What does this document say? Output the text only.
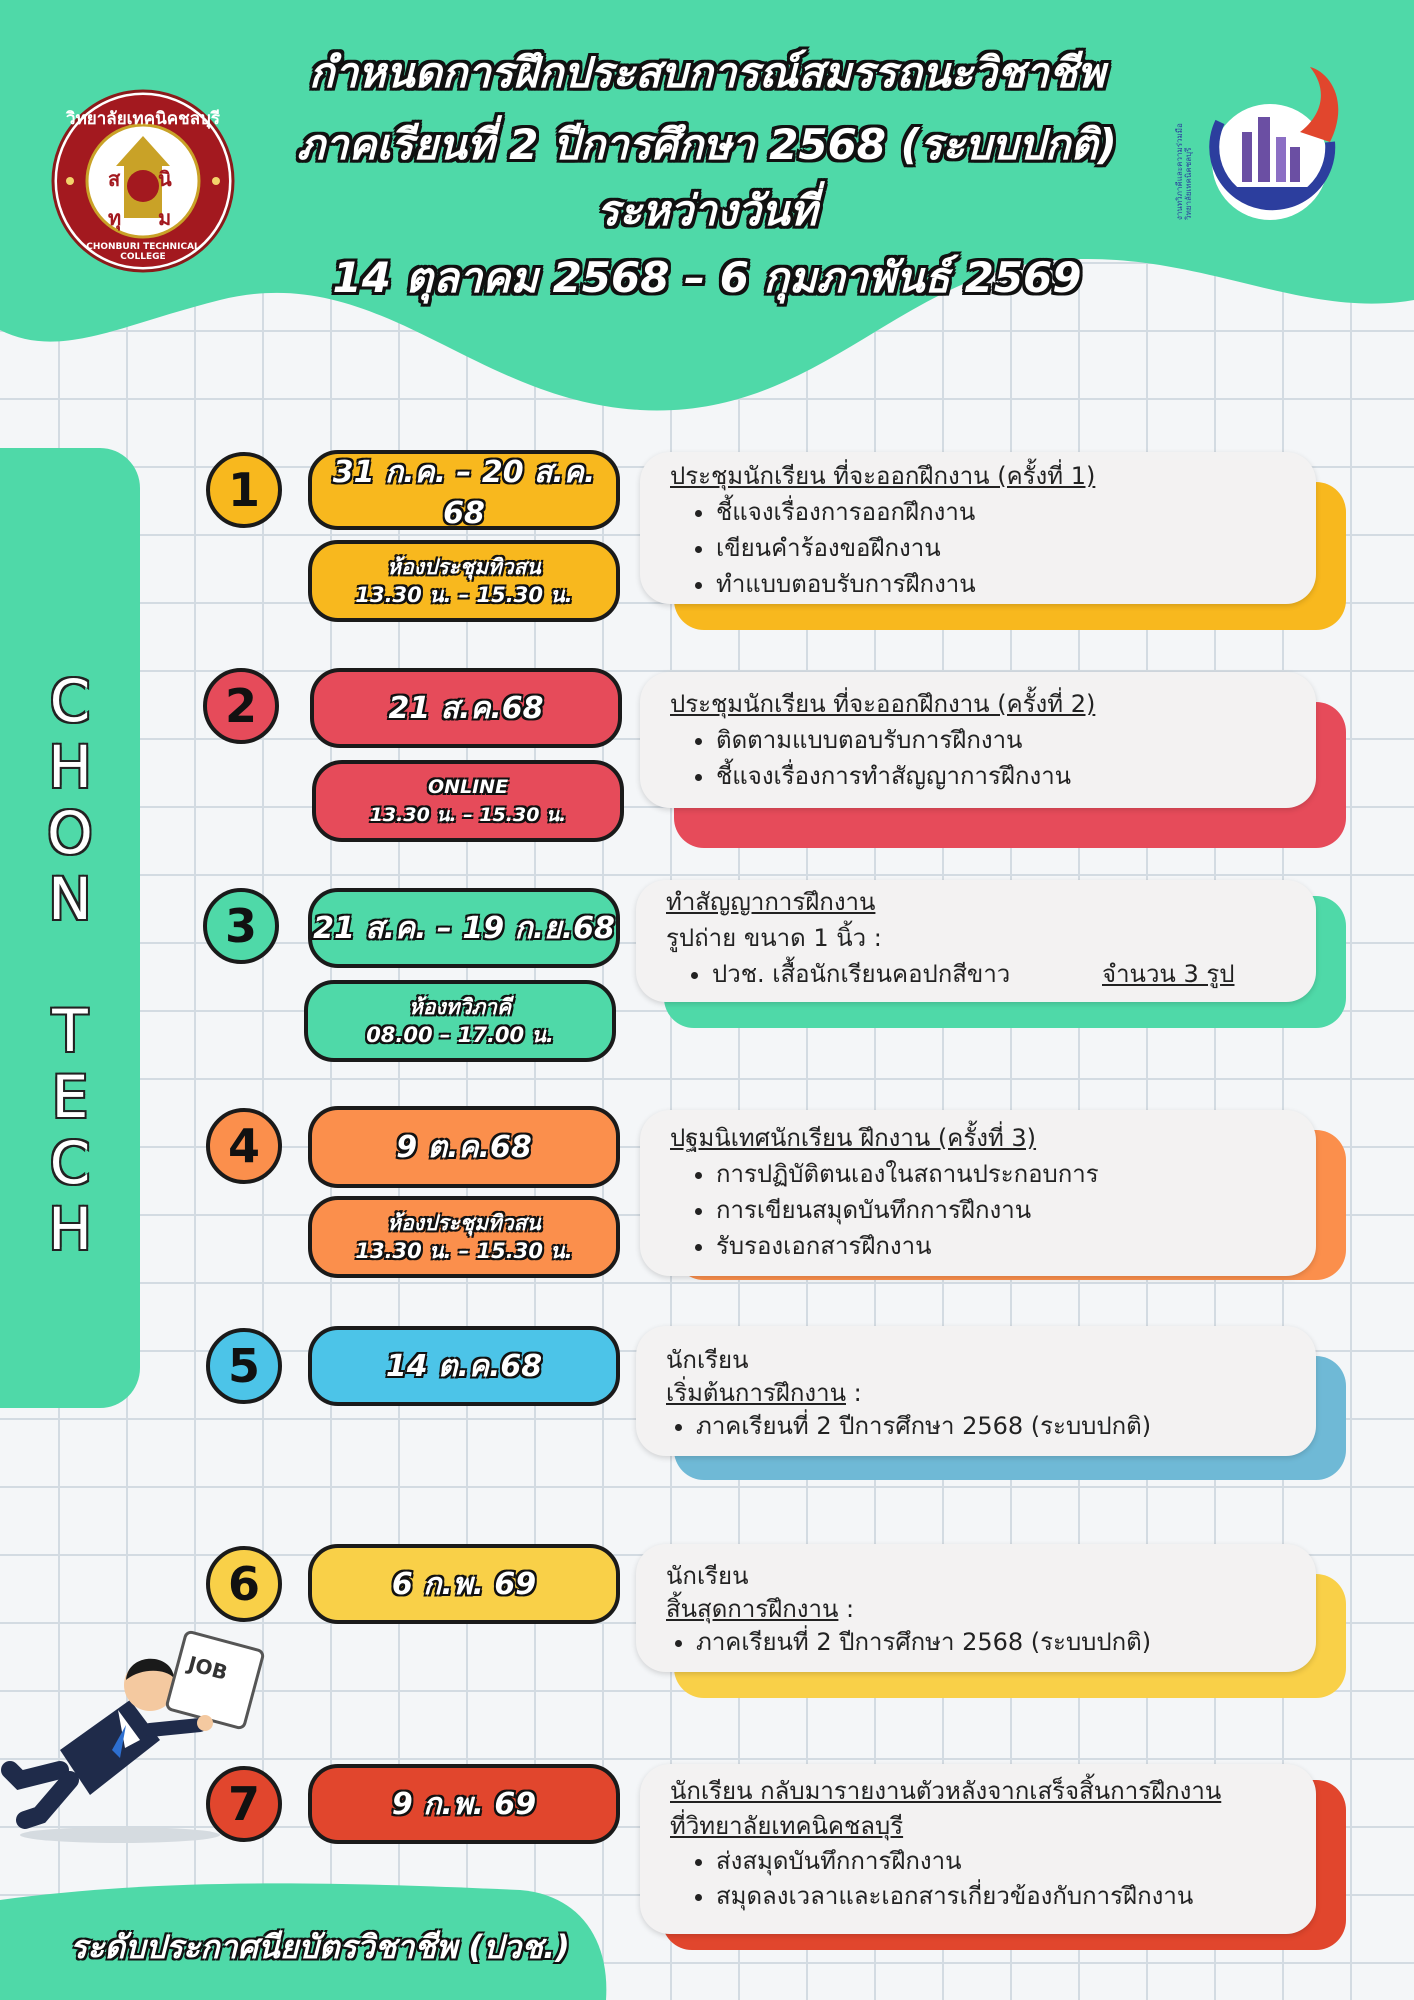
วิทยาลัยเทคนิคชลบุรี
CHONBURI TECHNICAL COLLEGE
ส นิ
ทุ ม	งานทวิภาคีและความร่วมมือ วิทยาลัยเทคนิคชลบุรี
กำหนดการฝึกประสบการณ์สมรรถนะวิชาชีพ
ภาคเรียนที่ 2 ปีการศึกษา 2568 (ระบบปกติ)
ระหว่างวันที่
14 ตุลาคม 2568 – 6 กุมภาพันธ์ 2569
C
H
O
N

T
E
C
H
1	31 ก.ค. – 20 ส.ค. 68
ห้องประชุมทิวสน
13.30 น. – 15.30 น.
ประชุมนักเรียน ที่จะออกฝึกงาน (ครั้งที่ 1)
• ชี้แจงเรื่องการออกฝึกงาน
• เขียนคำร้องขอฝึกงาน
• ทำแบบตอบรับการฝึกงาน
2	21 ส.ค.68
ONLINE
13.30 น. – 15.30 น.
ประชุมนักเรียน ที่จะออกฝึกงาน (ครั้งที่ 2)
• ติดตามแบบตอบรับการฝึกงาน
• ชี้แจงเรื่องการทำสัญญาการฝึกงาน
3	21 ส.ค. – 19 ก.ย.68
ห้องทวิภาคี
08.00 – 17.00 น.
ทำสัญญาการฝึกงาน
รูปถ่าย ขนาด 1 นิ้ว :
• ปวช. เสื้อนักเรียนคอปกสีขาว	จำนวน 3 รูป
4	9 ต.ค.68
ห้องประชุมทิวสน
13.30 น. – 15.30 น.
ปฐมนิเทศนักเรียน ฝึกงาน (ครั้งที่ 3)
• การปฏิบัติตนเองในสถานประกอบการ
• การเขียนสมุดบันทึกการฝึกงาน
• รับรองเอกสารฝึกงาน
5	14 ต.ค.68	นักเรียน
เริ่มต้นการฝึกงาน :
• ภาคเรียนที่ 2 ปีการศึกษา 2568 (ระบบปกติ)
6	6 ก.พ. 69	นักเรียน
สิ้นสุดการฝึกงาน :
• ภาคเรียนที่ 2 ปีการศึกษา 2568 (ระบบปกติ)
7	9 ก.พ. 69	นักเรียน กลับมารายงานตัวหลังจากเสร็จสิ้นการฝึกงาน
ที่วิทยาลัยเทคนิคชลบุรี
• ส่งสมุดบันทึกการฝึกงาน
• สมุดลงเวลาและเอกสารเกี่ยวข้องกับการฝึกงาน
JOB
ระดับประกาศนียบัตรวิชาชีพ (ปวช.)
